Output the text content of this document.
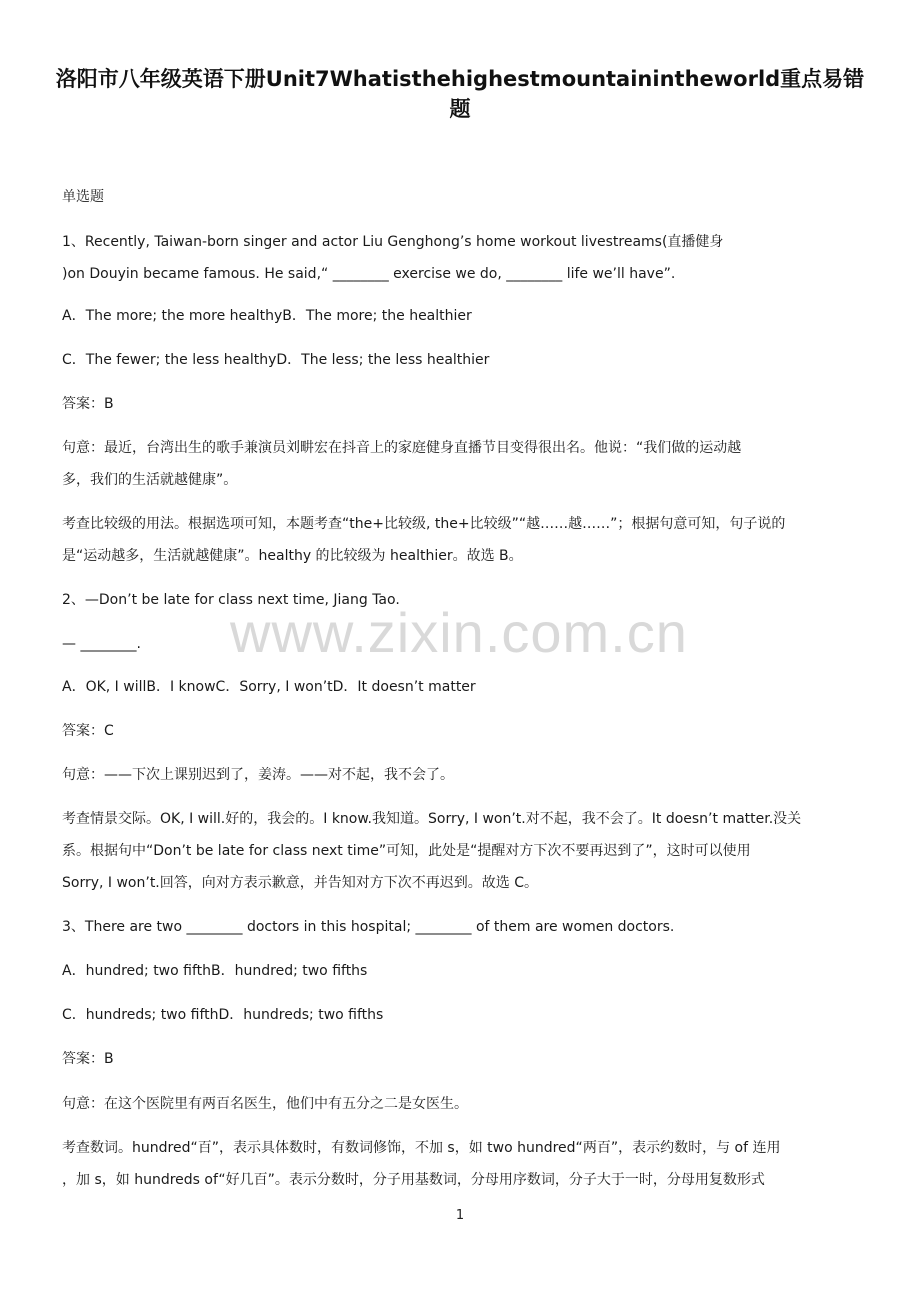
洛阳市八年级英语下册Unit7Whatisthehighestmountainintheworld重点易错
题
单选题
1、Recently, Taiwan-born singer and actor Liu Genghong’s home workout livestreams(直播健身
)on Douyin became famous. He said,“ ________ exercise we do, ________ life we’ll have”.
A．The more; the more healthyB．The more; the healthier
C．The fewer; the less healthyD．The less; the less healthier
答案：B
句意：最近，台湾出生的歌手兼演员刘畊宏在抖音上的家庭健身直播节目变得很出名。他说：“我们做的运动越
多，我们的生活就越健康”。
考查比较级的用法。根据选项可知，本题考查“the+比较级, the+比较级”“越……越……”；根据句意可知，句子说的
是“运动越多，生活就越健康”。healthy 的比较级为 healthier。故选 B。
2、—Don’t be late for class next time, Jiang Tao.
— ________.
A．OK, I willB．I knowC．Sorry, I won’tD．It doesn’t matter
答案：C
句意：——下次上课别迟到了，姜涛。——对不起，我不会了。
考查情景交际。OK, I will.好的，我会的。I know.我知道。Sorry, I won’t.对不起，我不会了。It doesn’t matter.没关
系。根据句中“Don’t be late for class next time”可知，此处是“提醒对方下次不要再迟到了”，这时可以使用
Sorry, I won’t.回答，向对方表示歉意，并告知对方下次不再迟到。故选 C。
3、There are two ________ doctors in this hospital; ________ of them are women doctors.
A．hundred; two fifthB．hundred; two fifths
C．hundreds; two fifthD．hundreds; two fifths
答案：B
句意：在这个医院里有两百名医生，他们中有五分之二是女医生。
考查数词。hundred“百”，表示具体数时，有数词修饰，不加 s，如 two hundred“两百”，表示约数时，与 of 连用
，加 s，如 hundreds of“好几百”。表示分数时，分子用基数词，分母用序数词，分子大于一时，分母用复数形式
www.zixin.com.cn
1
